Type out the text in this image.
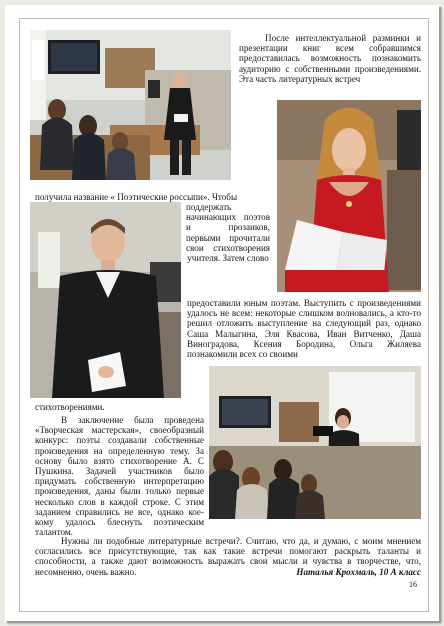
После интеллектуальной разминки и презентации книг всем собравшимся предоставилась возможность познакомить аудиторию с собственными произведениями. Эта часть литературных встреч

получила название « Поэтические россыпи». Чтобы

поддержать начинающих поэтов и прозаиков, первыми прочитали свои стихотворения учителя. Затем слово

предоставили юным поэтам. Выступить с произведениями удалось не всем: некоторые слишком волновались, а кто-то решил отложить выступление на следующий раз, однако Саша Малыгина, Эля Квасова, Иван Витченко, Даша Виноградова, Ксения Бородина, Ольга Жиляева познакомили всех со своими

стихотворениями.

В заключение была проведена «Творческая мастерская», своеобразный конкурс: поэты создавали собственные произведения на определенную тему. За основу было взято стихотворение А. С Пушкина. Задачей участников было придумать собственную интерпретацию произведения, даны были только первые несколько слов в каждой строке. С этим заданием справились не все, однако кое-кому удалось блеснуть поэтическим талантом.

Нужны ли подобные литературные встречи?. Считаю, что да, и думаю, с моим мнением согласились все присутствующие, так как такие встречи помогают раскрыть таланты и способности, а также дают возможность выражать свои мысли и чувства в творчестве, что, несомненно, очень важно.	Наталья Крохмаль, 10 А класс
16
